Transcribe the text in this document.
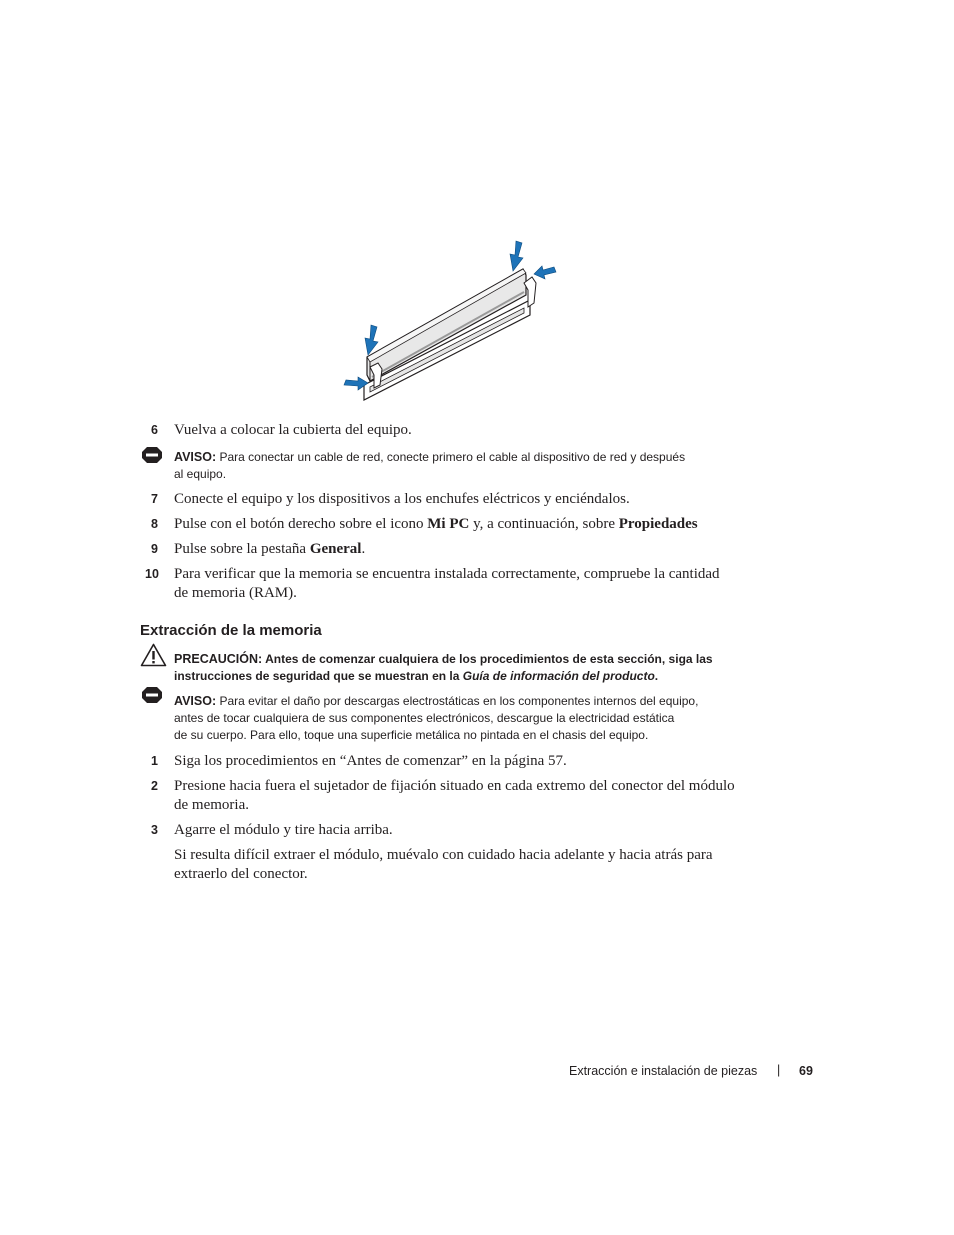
6	Vuelva a colocar la cubierta del equipo.
AVISO: Para conectar un cable de red, conecte primero el cable al dispositivo de red y después
al equipo.
7	Conecte el equipo y los dispositivos a los enchufes eléctricos y enciéndalos.
8	Pulse con el botón derecho sobre el icono Mi PC y, a continuación, sobre Propiedades
9	Pulse sobre la pestaña General.
10	Para verificar que la memoria se encuentra instalada correctamente, compruebe la cantidad
de memoria (RAM).
Extracción de la memoria
PRECAUCIÓN: Antes de comenzar cualquiera de los procedimientos de esta sección, siga las
instrucciones de seguridad que se muestran en la Guía de información del producto.
AVISO: Para evitar el daño por descargas electrostáticas en los componentes internos del equipo,
antes de tocar cualquiera de sus componentes electrónicos, descargue la electricidad estática
de su cuerpo. Para ello, toque una superficie metálica no pintada en el chasis del equipo.
1	Siga los procedimientos en “Antes de comenzar” en la página 57.
2	Presione hacia fuera el sujetador de fijación situado en cada extremo del conector del módulo
de memoria.
3	Agarre el módulo y tire hacia arriba.
Si resulta difícil extraer el módulo, muévalo con cuidado hacia adelante y hacia atrás para
extraerlo del conector.
Extracción e instalación de piezas | 69
